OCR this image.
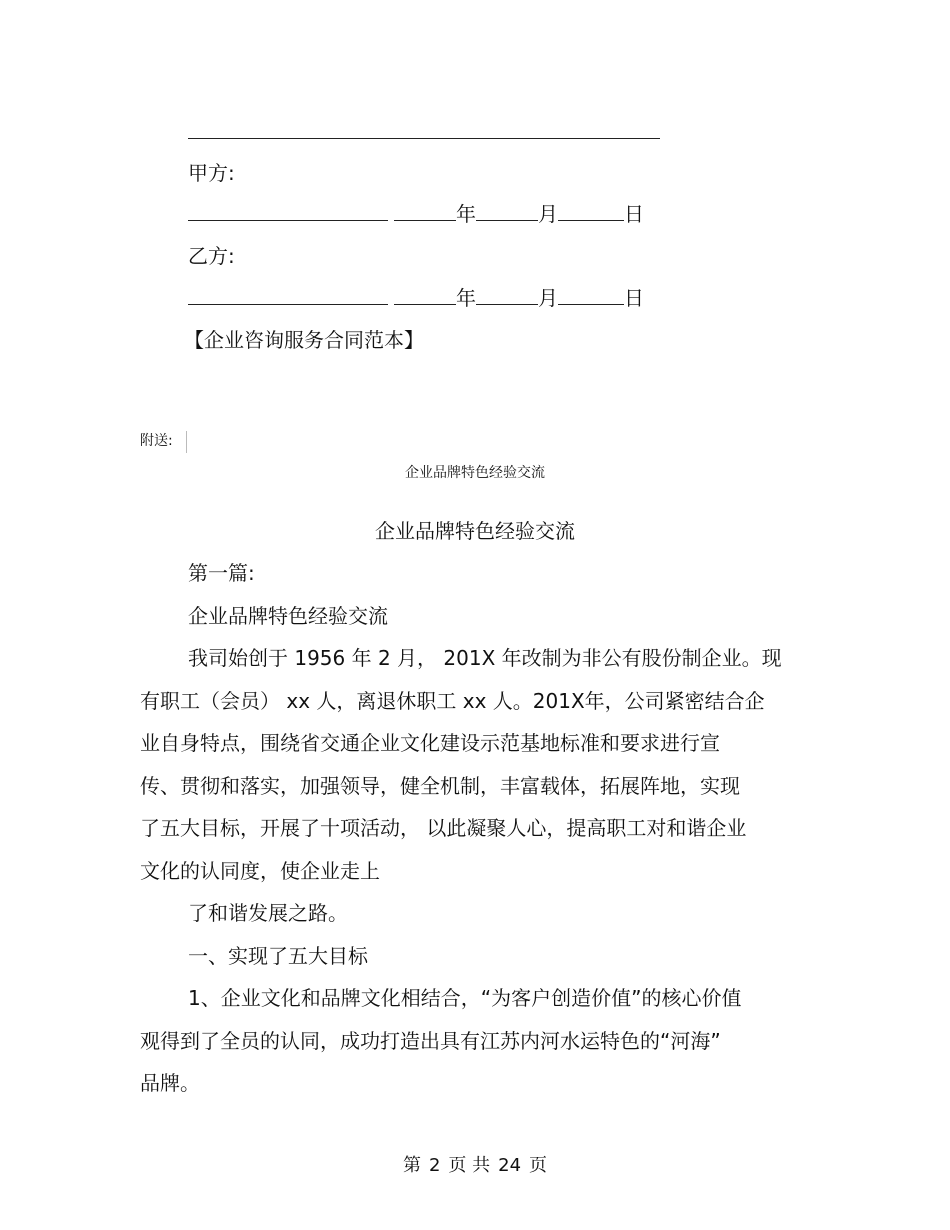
甲方:
年	月	日
乙方:
年	月	日
【企业咨询服务合同范本】
附送:
企业品牌特色经验交流
企业品牌特色经验交流

第一篇:

企业品牌特色经验交流

我司始创于 1956 年 2 月， 201X 年改制为非公有股份制企业。现

有职工（会员） xx 人，离退休职工 xx 人。201X年，公司紧密结合企

业自身特点，围绕省交通企业文化建设示范基地标准和要求进行宣

传、贯彻和落实，加强领导，健全机制，丰富载体，拓展阵地，实现

了五大目标，开展了十项活动， 以此凝聚人心，提高职工对和谐企业

文化的认同度，使企业走上

了和谐发展之路。

一、实现了五大目标

1、企业文化和品牌文化相结合，“为客户创造价值”的核心价值

观得到了全员的认同，成功打造出具有江苏内河水运特色的“河海”

品牌。

第 2 页 共 24 页
